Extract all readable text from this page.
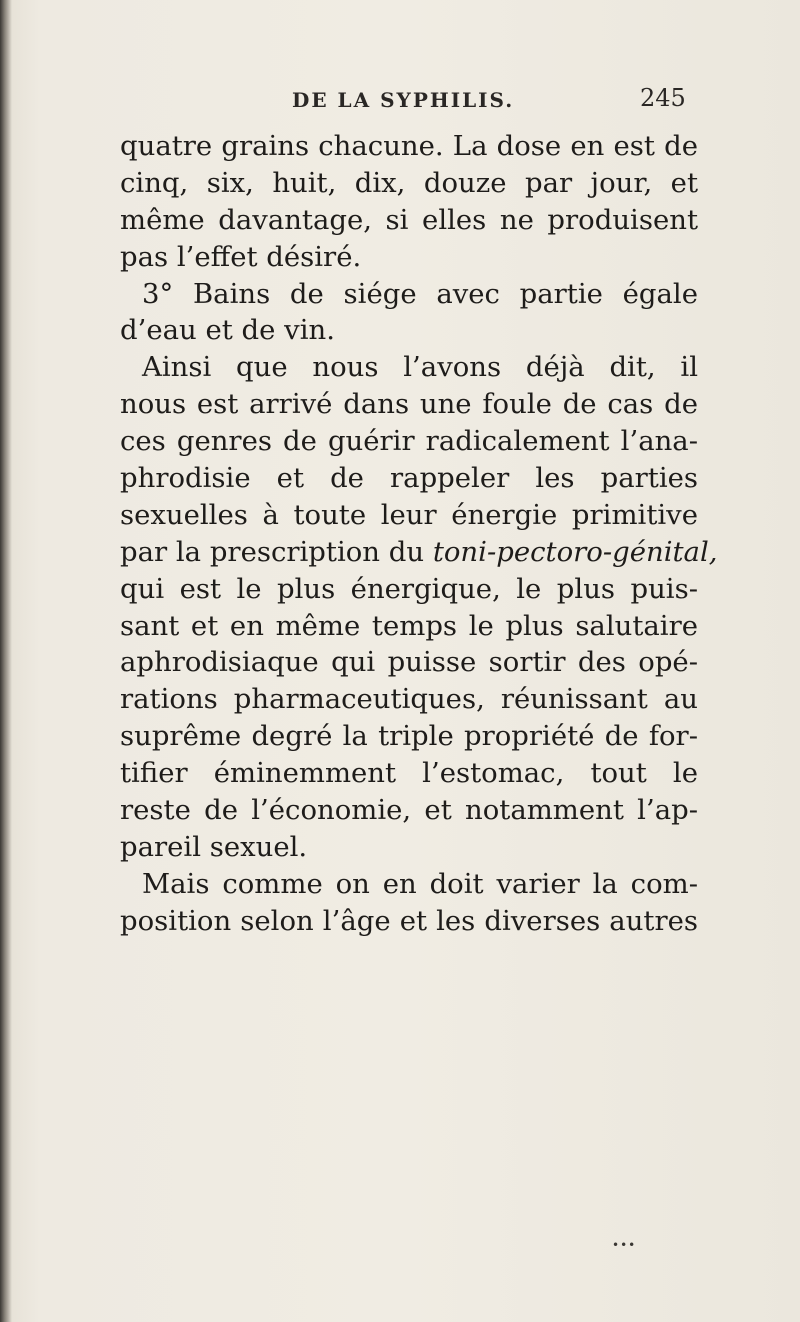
DE LA SYPHILIS.	245
quatre grains chacune. La dose en est de
cinq, six, huit, dix, douze par jour, et
même davantage, si elles ne produisent
pas l’effet désiré.
3° Bains de siége avec partie égale
d’eau et de vin.
Ainsi que nous l’avons déjà dit, il
nous est arrivé dans une foule de cas de
ces genres de guérir radicalement l’ana-
phrodisie et de rappeler les parties
sexuelles à toute leur énergie primitive
par la prescription du toni-pectoro-génital,
qui est le plus énergique, le plus puis-
sant et en même temps le plus salutaire
aphrodisiaque qui puisse sortir des opé-
rations pharmaceutiques, réunissant au
suprême degré la triple propriété de for-
tifier éminemment l’estomac, tout le
reste de l’économie, et notamment l’ap-
pareil sexuel.
Mais comme on en doit varier la com-
position selon l’âge et les diverses autres
•••
